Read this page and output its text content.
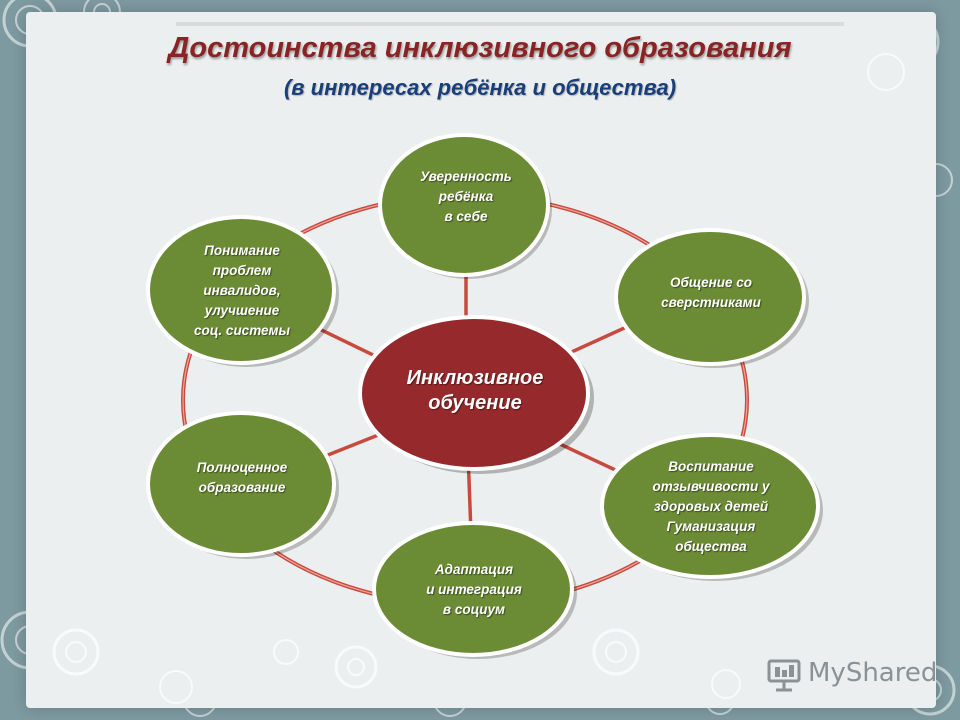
Достоинства инклюзивного образования
(в интересах ребёнка и общества)
Уверенность
ребёнка
в себе
Общение со
сверстниками
Воспитание
отзывчивости у
здоровых детей
Гуманизация
общества
Адаптация
и интеграция
в социум
Полноценное
образование
Понимание
проблем
инвалидов,
улучшение
соц. системы
Инклюзивное
обучение
MyShared
